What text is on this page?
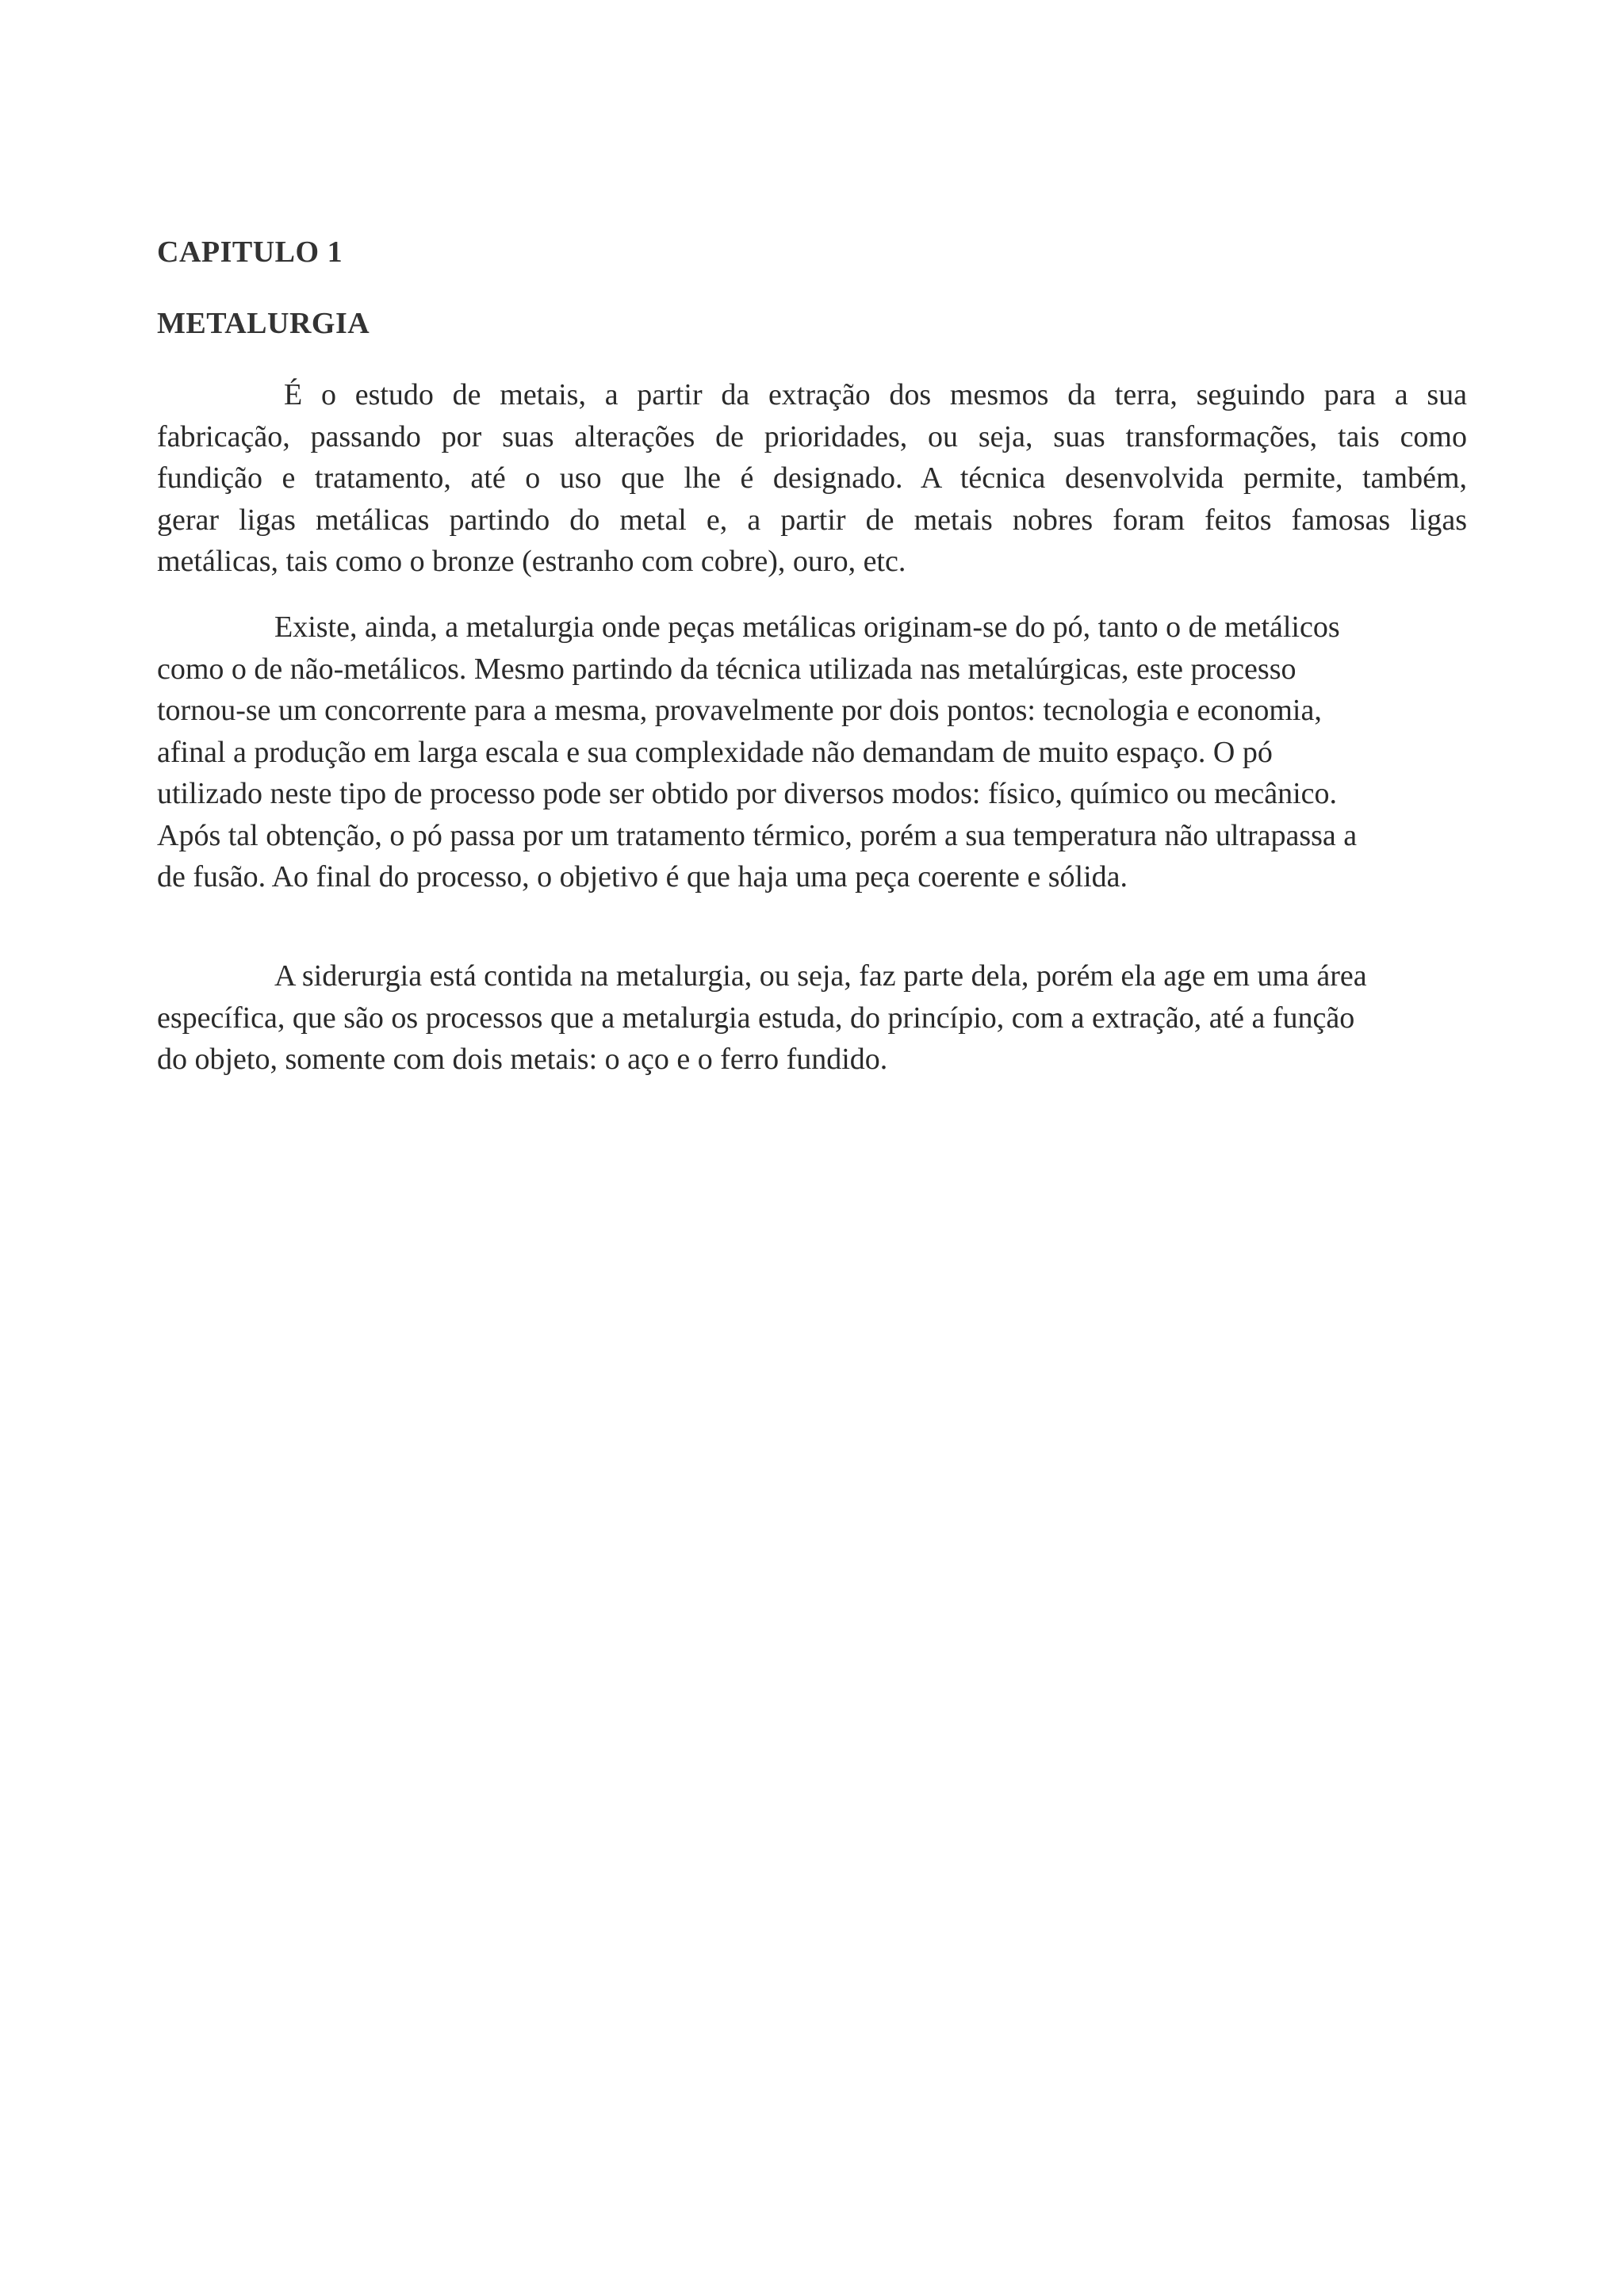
CAPITULO 1
METALURGIA
É o estudo de metais, a partir da extração dos mesmos da terra, seguindo para a sua
fabricação, passando por suas alterações de prioridades, ou seja, suas transformações, tais como
fundição e tratamento, até o uso que lhe é designado. A técnica desenvolvida permite, também,
gerar ligas metálicas partindo do metal e, a partir de metais nobres foram feitos famosas ligas
metálicas, tais como o bronze (estranho com cobre), ouro, etc.
Existe, ainda, a metalurgia onde peças metálicas originam-se do pó, tanto o de metálicos
como o de não-metálicos. Mesmo partindo da técnica utilizada nas metalúrgicas, este processo
tornou-se um concorrente para a mesma, provavelmente por dois pontos: tecnologia e economia,
afinal a produção em larga escala e sua complexidade não demandam de muito espaço. O pó
utilizado neste tipo de processo pode ser obtido por diversos modos: físico, químico ou mecânico.
Após tal obtenção, o pó passa por um tratamento térmico, porém a sua temperatura não ultrapassa a
de fusão. Ao final do processo, o objetivo é que haja uma peça coerente e sólida.
A siderurgia está contida na metalurgia, ou seja, faz parte dela, porém ela age em uma área
específica, que são os processos que a metalurgia estuda, do princípio, com a extração, até a função
do objeto, somente com dois metais: o aço e o ferro fundido.
